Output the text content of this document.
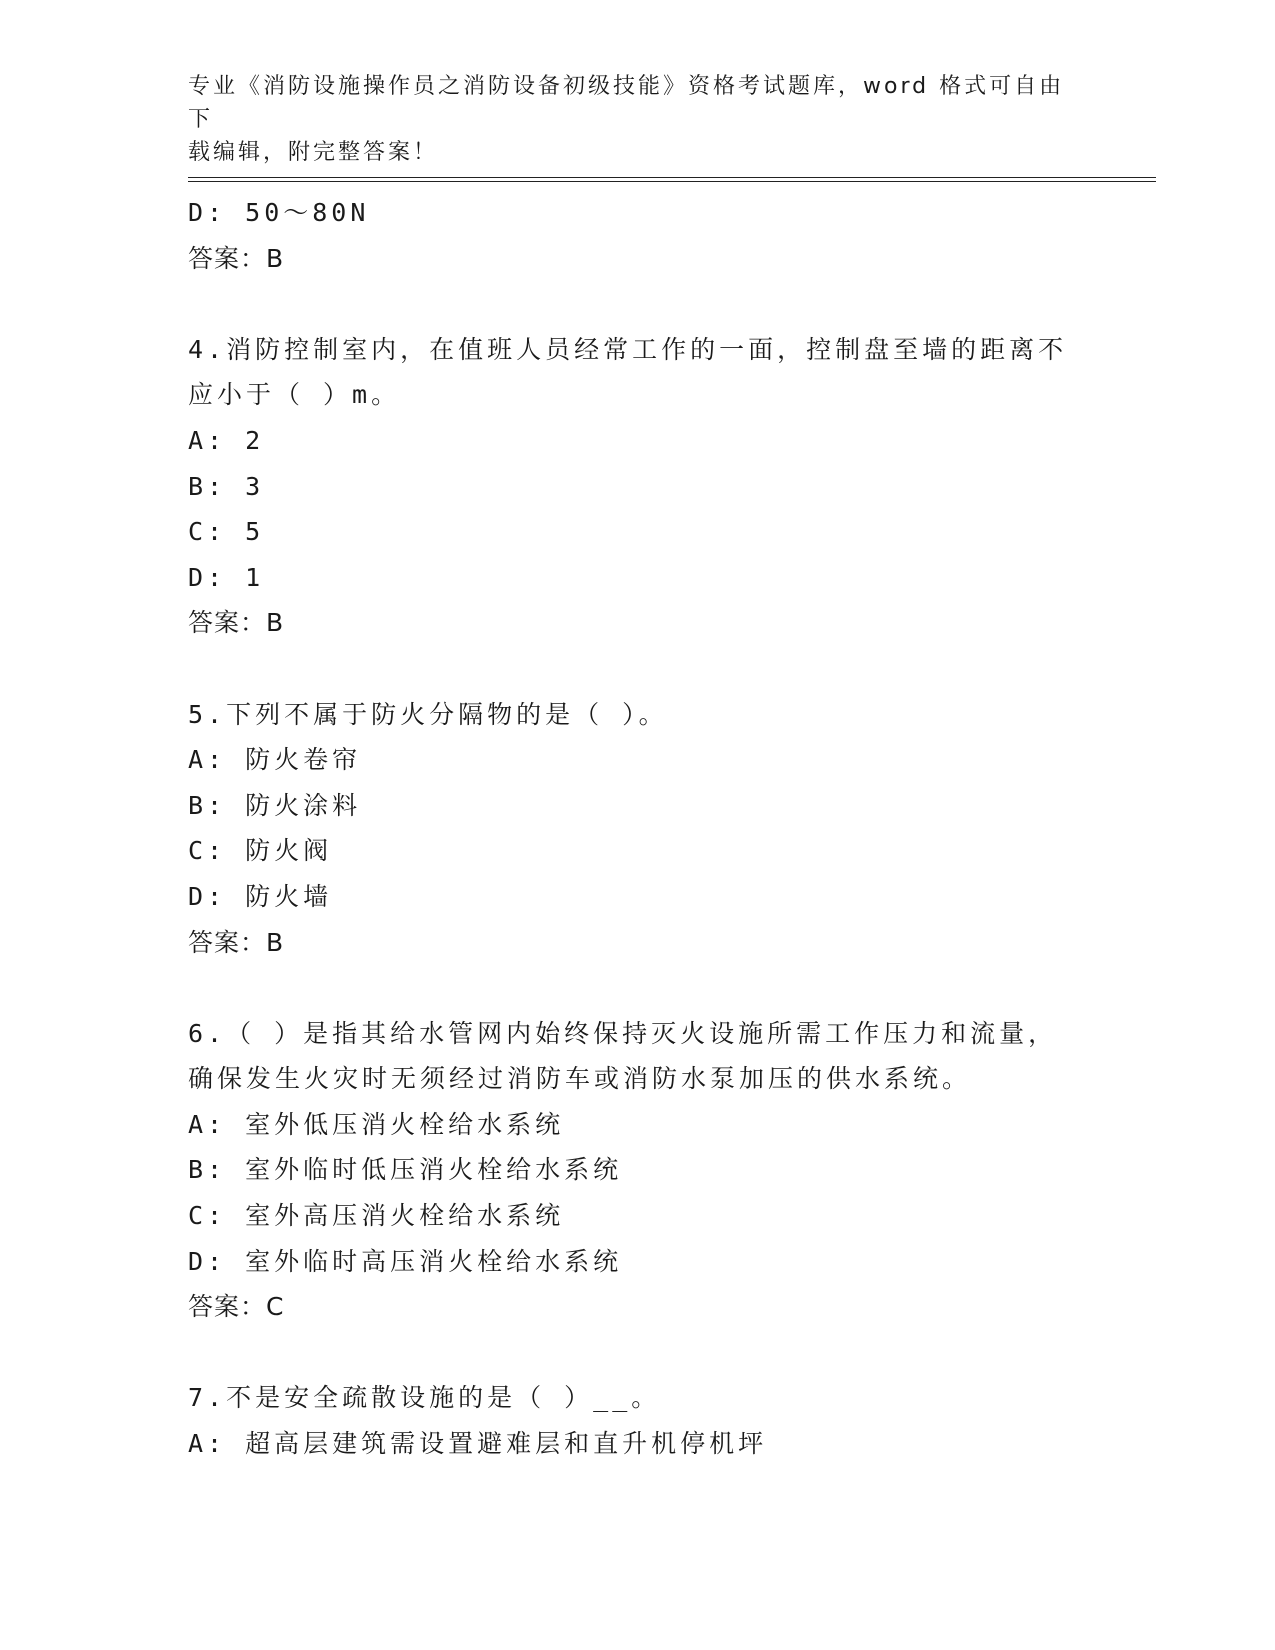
专业《消防设施操作员之消防设备初级技能》资格考试题库，word 格式可自由下
载编辑，附完整答案！
D: 50～80N
答案：B
4.消防控制室内，在值班人员经常工作的一面，控制盘至墙的距离不
应小于（ ）m。
A: 2
B: 3
C: 5
D: 1
答案：B
5.下列不属于防火分隔物的是（ ）。
A: 防火卷帘
B: 防火涂料
C: 防火阀
D: 防火墙
答案：B
6.（ ）是指其给水管网内始终保持灭火设施所需工作压力和流量，
确保发生火灾时无须经过消防车或消防水泵加压的供水系统。
A: 室外低压消火栓给水系统
B: 室外临时低压消火栓给水系统
C: 室外高压消火栓给水系统
D: 室外临时高压消火栓给水系统
答案：C
7.不是安全疏散设施的是（ ）__。
A: 超高层建筑需设置避难层和直升机停机坪
